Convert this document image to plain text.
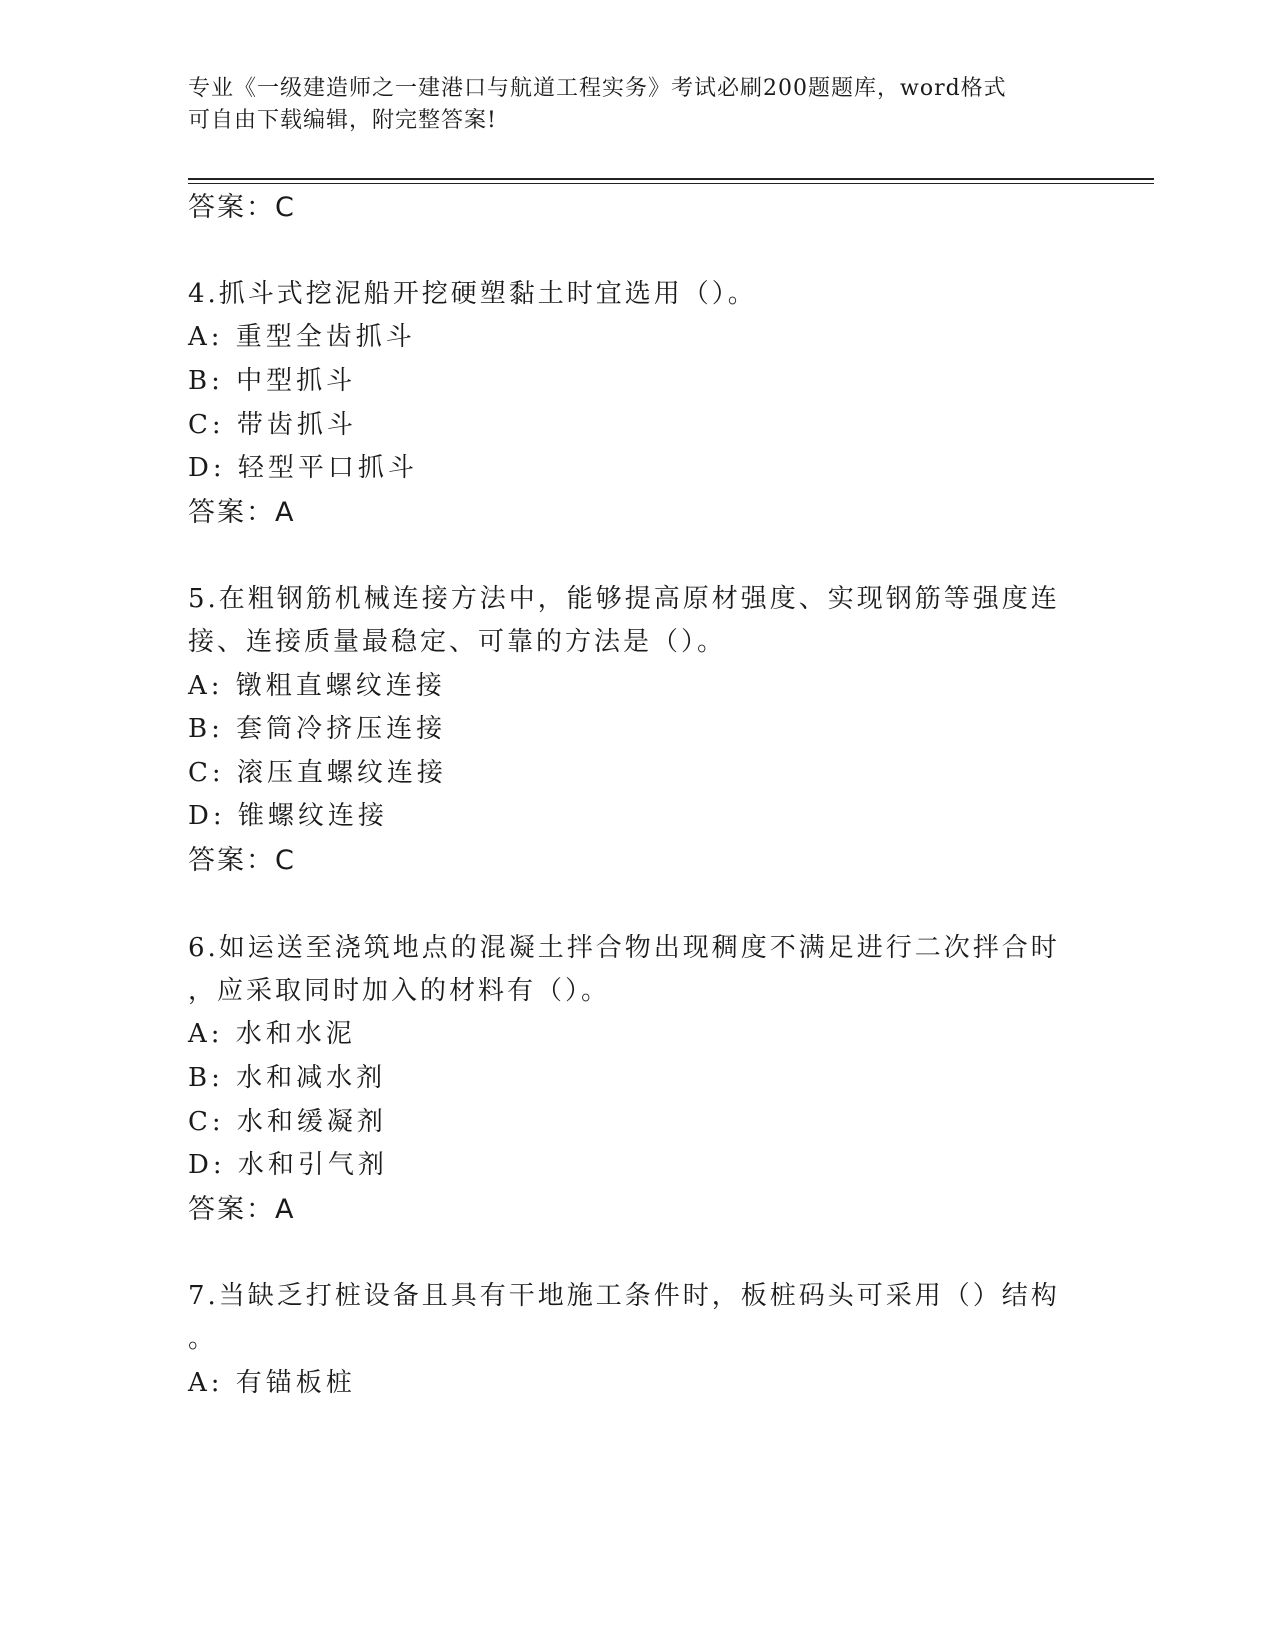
专业《一级建造师之一建港口与航道工程实务》考试必刷200题题库，word格式
可自由下载编辑，附完整答案!
答案：C
4.抓斗式挖泥船开挖硬塑黏土时宜选用（）。
A: 重型全齿抓斗
B: 中型抓斗
C: 带齿抓斗
D: 轻型平口抓斗
答案：A
5.在粗钢筋机械连接方法中，能够提高原材强度、实现钢筋等强度连
接、连接质量最稳定、可靠的方法是（）。
A: 镦粗直螺纹连接
B: 套筒冷挤压连接
C: 滚压直螺纹连接
D: 锥螺纹连接
答案：C
6.如运送至浇筑地点的混凝土拌合物出现稠度不满足进行二次拌合时
，应采取同时加入的材料有（）。
A: 水和水泥
B: 水和减水剂
C: 水和缓凝剂
D: 水和引气剂
答案：A
7.当缺乏打桩设备且具有干地施工条件时，板桩码头可采用（）结构
。
A: 有锚板桩
